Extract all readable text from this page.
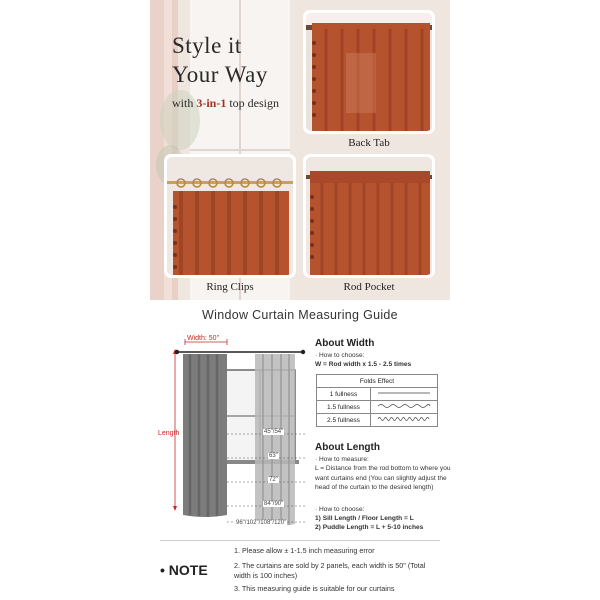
Style it
Your Way
with 3-in-1 top design
Back Tab
Ring Clips	Rod Pocket
Window Curtain Measuring Guide
Width: 50"
Length	45"/54"
63"
72"
84"/90"
96"/102"/108"/120"
About Width
· How to choose:
W = Rod width x 1.5 - 2.5 times
Folds Effect	
1 fullness	
1.5 fullness	
2.5 fullness	
About Length
· How to measure:
L = Distance from the rod bottom to where you want curtains end (You can slightly adjust the head of the curtain to the desired length)
· How to choose:
1) Sill Length / Floor Length = L
2) Puddle Length = L + 5-10 inches
• NOTE
1. Please allow ± 1-1.5 inch measuring error
2. The curtains are sold by 2 panels, each width is 50" (Total width is 100 inches)
3. This measuring guide is suitable for our curtains
